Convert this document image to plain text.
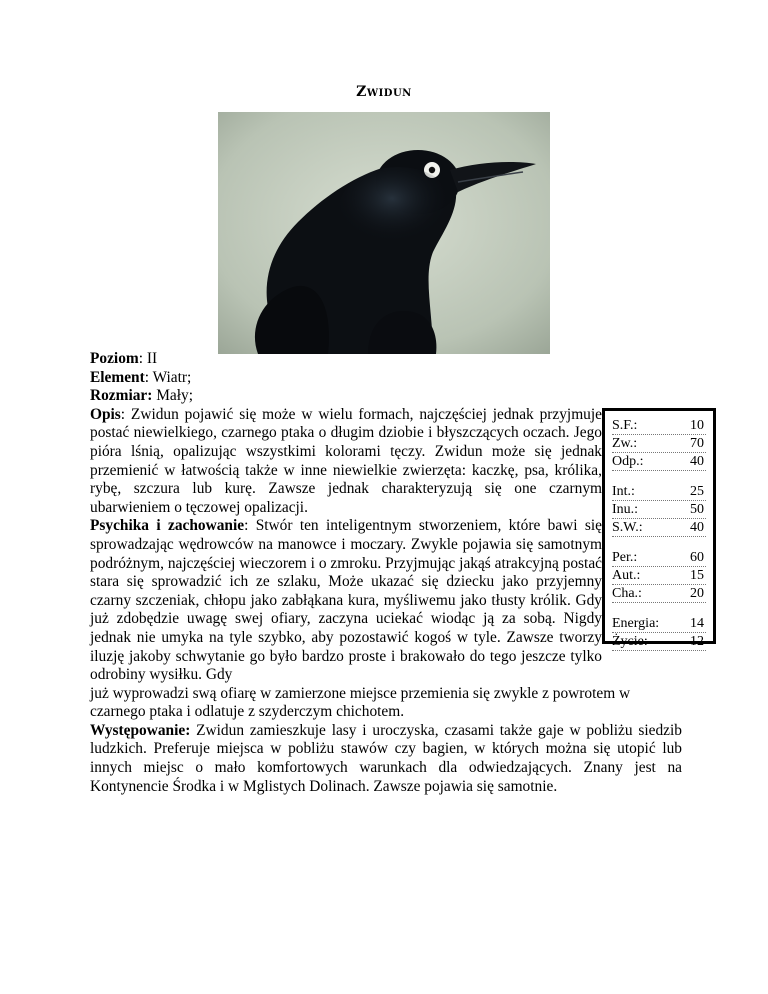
Zwidun

Poziom: II

Element: Wiatr;

Rozmiar: Mały;

Opis: Zwidun pojawić się może w wielu formach, najczęściej jednak przyjmuje postać niewielkiego, czarnego ptaka o długim dziobie i błyszczących oczach. Jego pióra lśnią, opalizując wszystkimi kolorami tęczy. Zwidun może się jednak przemienić w łatwością także w inne niewielkie zwierzęta: kaczkę, psa, królika, rybę, szczura lub kurę. Zawsze jednak charakteryzują się one czarnym ubarwieniem o tęczowej opalizacji.

Psychika i zachowanie: Stwór ten inteligentnym stworzeniem, które bawi się sprowadzając wędrowców na manowce i moczary. Zwykle pojawia się samotnym podróżnym, najczęściej wieczorem i o zmroku. Przyjmując jakąś atrakcyjną postać stara się sprowadzić ich ze szlaku, Może ukazać się dziecku jako przyjemny czarny szczeniak, chłopu jako zabłąkana kura, myśliwemu jako tłusty królik. Gdy już zdobędzie uwagę swej ofiary, zaczyna uciekać wiodąc ją za sobą. Nigdy jednak nie umyka na tyle szybko, aby pozostawić kogoś w tyle. Zawsze tworzy iluzję jakoby schwytanie go było bardzo proste i brakowało do tego jeszcze tylko odrobiny wysiłku. Gdy

już wyprowadzi swą ofiarę w zamierzone miejsce przemienia się zwykle z powrotem w czarnego ptaka i odlatuje z szyderczym chichotem.

Występowanie: Zwidun zamieszkuje lasy i uroczyska, czasami także gaje w pobliżu siedzib ludzkich. Preferuje miejsca w pobliżu stawów czy bagien, w których można się utopić lub innych miejsc o mało komfortowych warunkach dla odwiedzających. Znany jest na Kontynencie Środka i w Mglistych Dolinach. Zawsze pojawia się samotnie.

S.F.:	10
Zw.:	70
Odp.:	40
Int.:	25
Inu.:	50
S.W.:	40
Per.:	60
Aut.:	15
Cha.:	20
Energia: 14
Życie:	12
